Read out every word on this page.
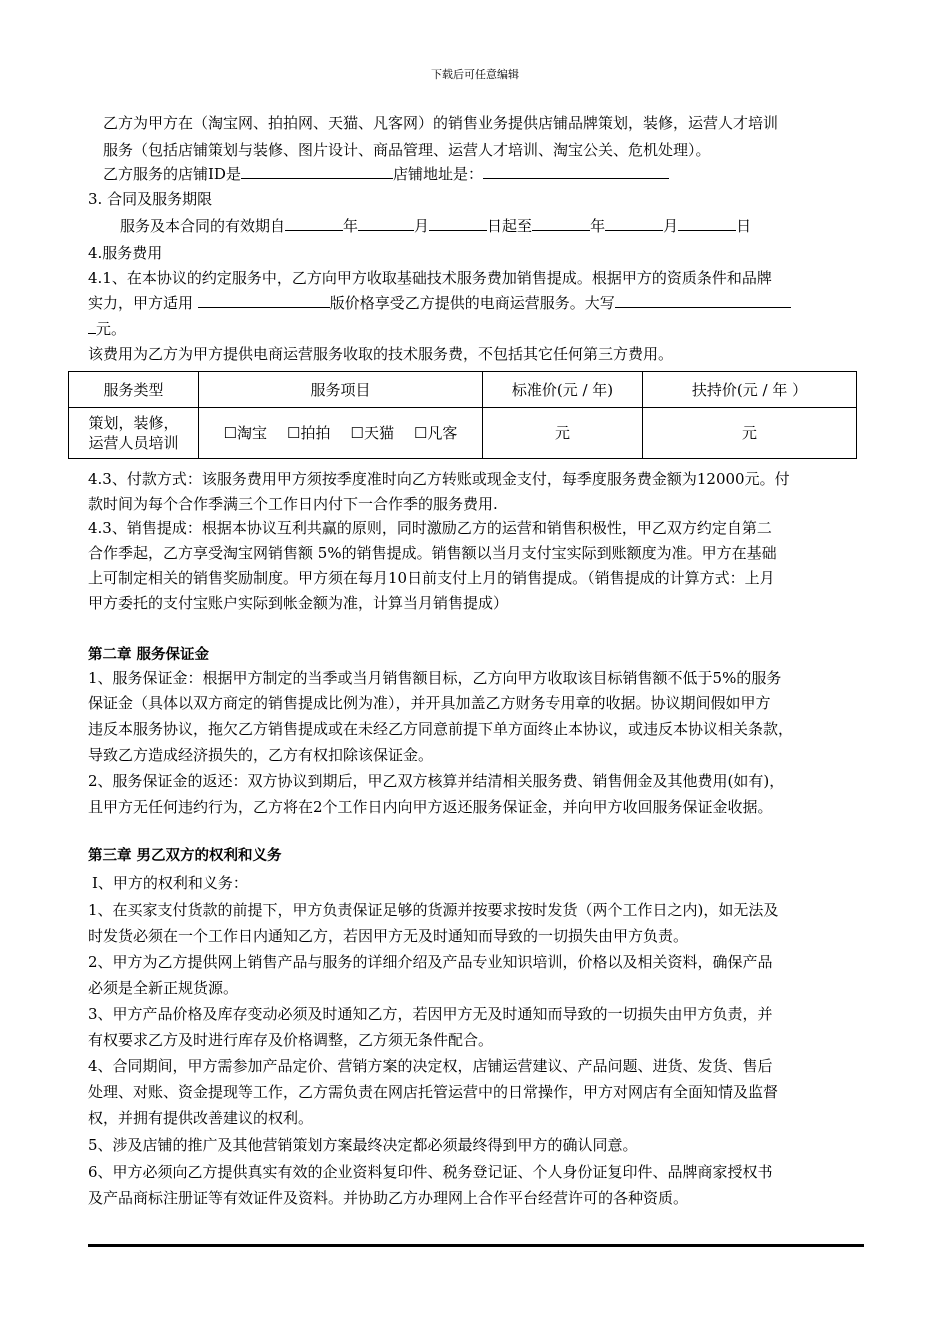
下载后可任意编辑
乙方为甲方在（淘宝网、拍拍网、天猫、凡客网）的销售业务提供店铺品牌策划，装修，运营人才培训
服务（包括店铺策划与装修、图片设计、商品管理、运营人才培训、淘宝公关、危机处理）。
乙方服务的店铺ID是	店铺地址是：
3. 合同及服务期限
服务及本合同的有效期自	年	月	日起至	年	月	日
4.服务费用
4.1、在本协议的约定服务中，乙方向甲方收取基础技术服务费加销售提成。根据甲方的资质条件和品牌
实力，甲方适用	版价格享受乙方提供的电商运营服务。大写
元。
该费用为乙方为甲方提供电商运营服务收取的技术服务费，不包括其它任何第三方费用。
服务类型	服务项目	标准价(元 / 年)	扶持价(元 / 年 ）

策划，装修，
运营人员培训	☐淘宝 ☐拍拍 ☐天猫 ☐凡客	元	元
4.3、付款方式：该服务费用甲方须按季度准时向乙方转账或现金支付，每季度服务费金额为12000元。付
款时间为每个合作季满三个工作日内付下一合作季的服务费用.
4.3、销售提成：根据本协议互利共赢的原则，同时激励乙方的运营和销售积极性，甲乙双方约定自第二
合作季起，乙方享受淘宝网销售额 5%的销售提成。销售额以当月支付宝实际到账额度为准。甲方在基础
上可制定相关的销售奖励制度。甲方须在每月10日前支付上月的销售提成。（销售提成的计算方式：上月
甲方委托的支付宝账户实际到帐金额为准，计算当月销售提成）
第二章 服务保证金
1、服务保证金：根据甲方制定的当季或当月销售额目标，乙方向甲方收取该目标销售额不低于5%的服务
保证金（具体以双方商定的销售提成比例为准），并开具加盖乙方财务专用章的收据。协议期间假如甲方
违反本服务协议，拖欠乙方销售提成或在未经乙方同意前提下单方面终止本协议，或违反本协议相关条款，
导致乙方造成经济损失的，乙方有权扣除该保证金。
2、服务保证金的返还：双方协议到期后，甲乙双方核算并结清相关服务费、销售佣金及其他费用(如有)，
且甲方无任何违约行为，乙方将在2个工作日内向甲方返还服务保证金，并向甲方收回服务保证金收据。
第三章 男乙双方的权利和义务
I、甲方的权利和义务：
1、在买家支付货款的前提下，甲方负责保证足够的货源并按要求按时发货（两个工作日之内)，如无法及
时发货必须在一个工作日内通知乙方，若因甲方无及时通知而导致的一切损失由甲方负责。
2、甲方为乙方提供网上销售产品与服务的详细介绍及产品专业知识培训，价格以及相关资料，确保产品
必须是全新正规货源。
3、甲方产品价格及库存变动必须及时通知乙方，若因甲方无及时通知而导致的一切损失由甲方负责，并
有权要求乙方及时进行库存及价格调整，乙方须无条件配合。
4、合同期间，甲方需参加产品定价、营销方案的决定权，店铺运营建议、产品问题、进货、发货、售后
处理、对账、资金提现等工作，乙方需负责在网店托管运营中的日常操作，甲方对网店有全面知情及监督
权，并拥有提供改善建议的权利。
5、涉及店铺的推广及其他营销策划方案最终决定都必须最终得到甲方的确认同意。
6、甲方必须向乙方提供真实有效的企业资料复印件、税务登记证、个人身份证复印件、品牌商家授权书
及产品商标注册证等有效证件及资料。并协助乙方办理网上合作平台经营许可的各种资质。
